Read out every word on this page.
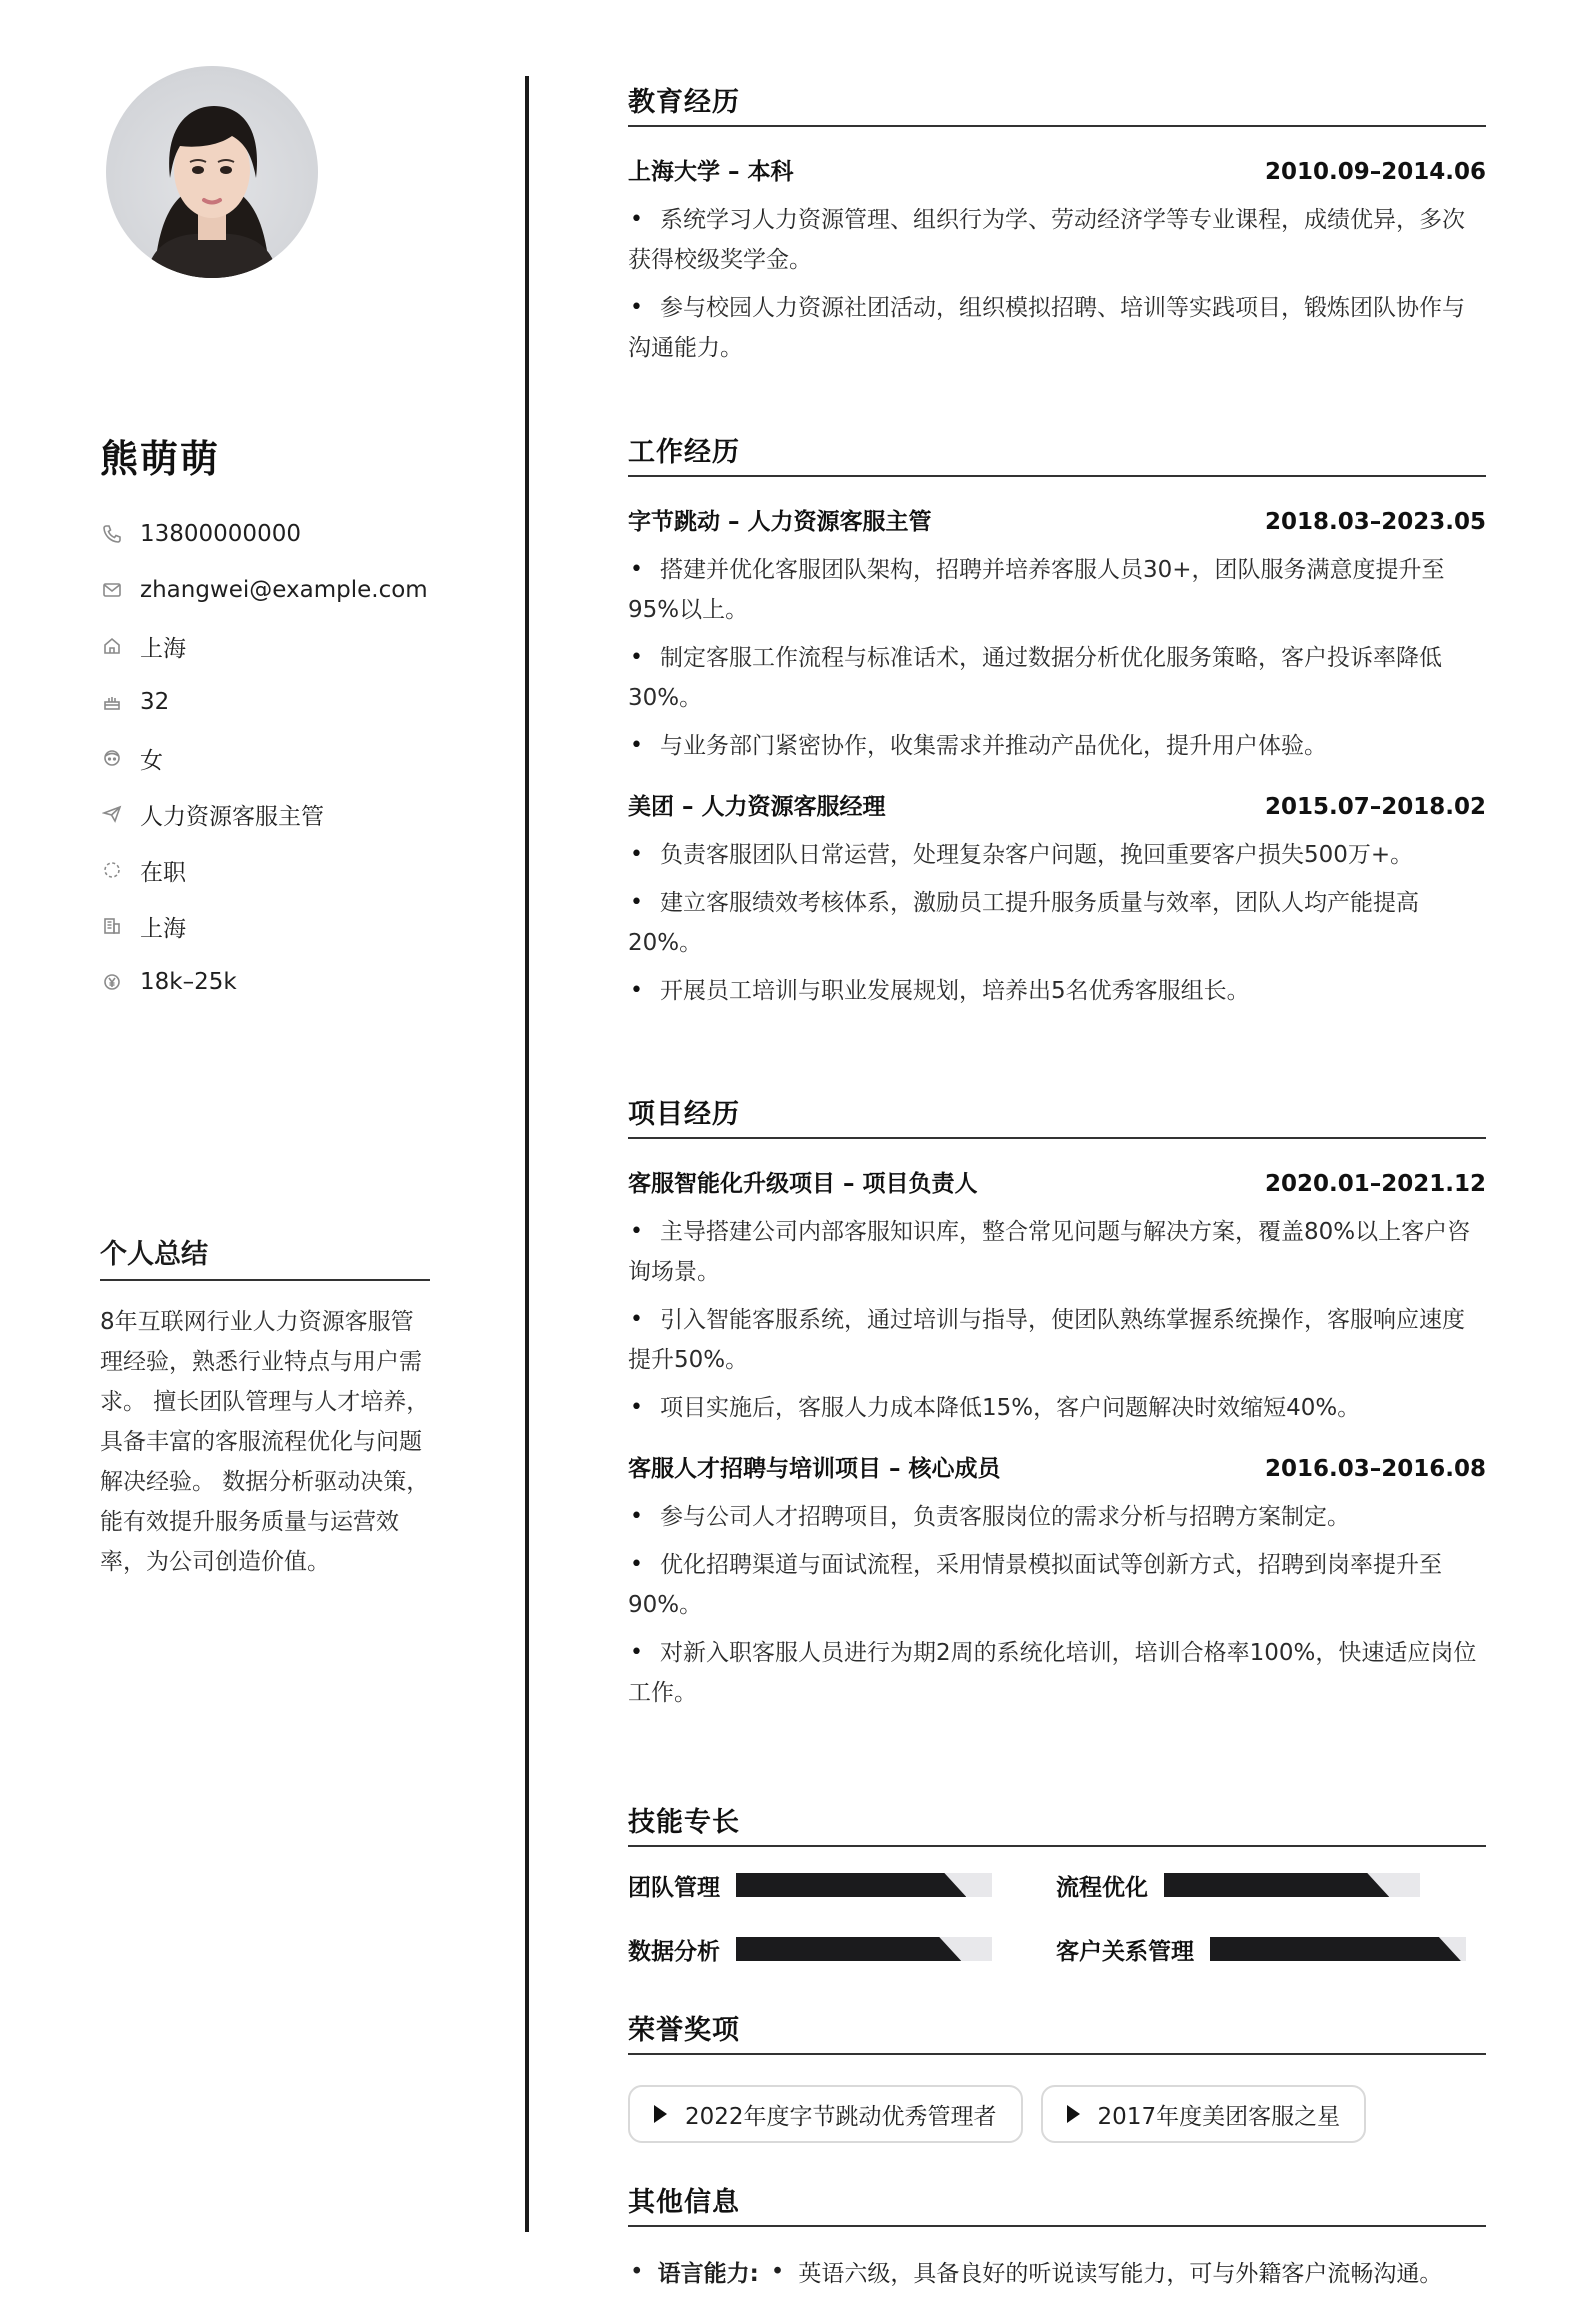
熊萌萌
13800000000
zhangwei@example.com
上海
32
女
人力资源客服主管
在职
上海
18k–25k
个人总结
8年互联网行业人力资源客服管理经验，熟悉行业特点与用户需求。 擅长团队管理与人才培养，具备丰富的客服流程优化与问题解决经验。 数据分析驱动决策，能有效提升服务质量与运营效率，为公司创造价值。
教育经历
上海大学 – 本科	2010.09–2014.06
• 系统学习人力资源管理、组织行为学、劳动经济学等专业课程，成绩优异，多次获得校级奖学金。
• 参与校园人力资源社团活动，组织模拟招聘、培训等实践项目，锻炼团队协作与沟通能力。
工作经历
字节跳动 – 人力资源客服主管	2018.03–2023.05
• 搭建并优化客服团队架构，招聘并培养客服人员30+，团队服务满意度提升至95%以上。
• 制定客服工作流程与标准话术，通过数据分析优化服务策略，客户投诉率降低30%。
• 与业务部门紧密协作，收集需求并推动产品优化，提升用户体验。
美团 – 人力资源客服经理	2015.07–2018.02
• 负责客服团队日常运营，处理复杂客户问题，挽回重要客户损失500万+。
• 建立客服绩效考核体系，激励员工提升服务质量与效率，团队人均产能提高20%。
• 开展员工培训与职业发展规划，培养出5名优秀客服组长。
项目经历
客服智能化升级项目 – 项目负责人	2020.01–2021.12
• 主导搭建公司内部客服知识库，整合常见问题与解决方案，覆盖80%以上客户咨询场景。
• 引入智能客服系统，通过培训与指导，使团队熟练掌握系统操作，客服响应速度提升50%。
• 项目实施后，客服人力成本降低15%，客户问题解决时效缩短40%。
客服人才招聘与培训项目 – 核心成员	2016.03–2016.08
• 参与公司人才招聘项目，负责客服岗位的需求分析与招聘方案制定。
• 优化招聘渠道与面试流程，采用情景模拟面试等创新方式，招聘到岗率提升至90%。
• 对新入职客服人员进行为期2周的系统化培训，培训合格率100%，快速适应岗位工作。
技能专长
团队管理	流程优化
数据分析	客户关系管理
荣誉奖项
2022年度字节跳动优秀管理者	2017年度美团客服之星
其他信息
• 语言能力: • 英语六级，具备良好的听说读写能力，可与外籍客户流畅沟通。
